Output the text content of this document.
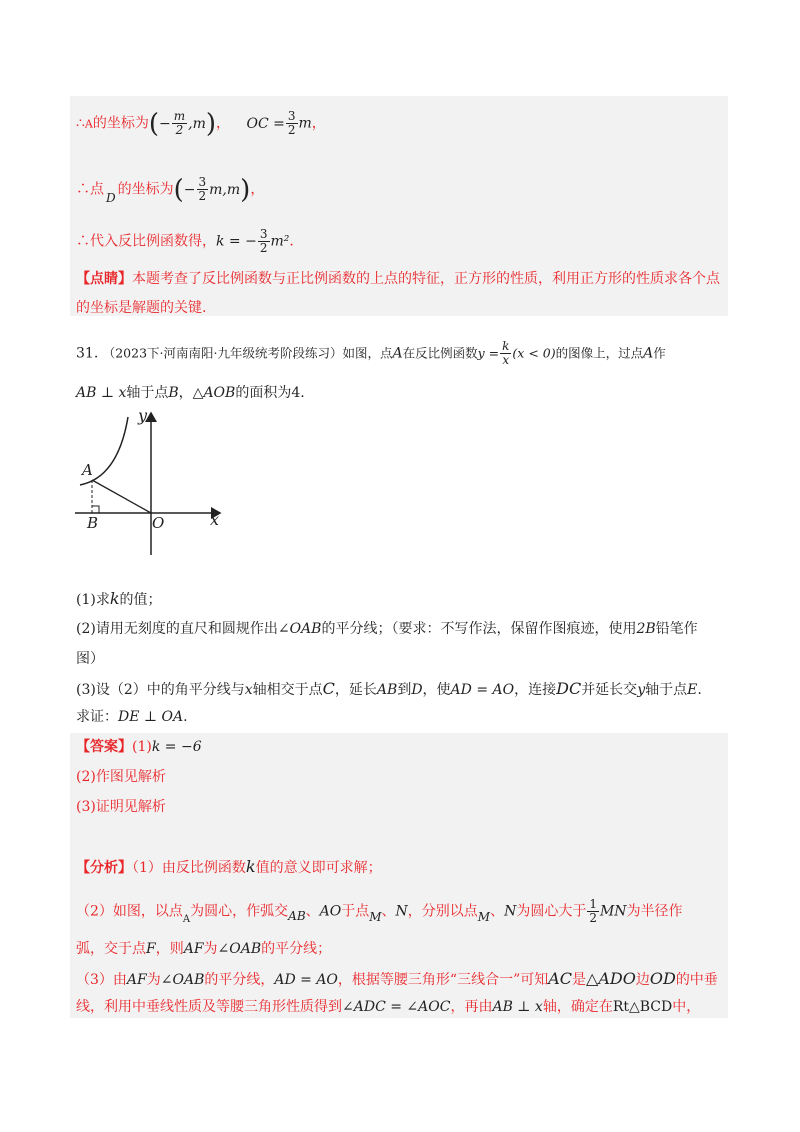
∴A的坐标为(− $\frac{m}{2} ,m$)， OC = $\frac{3}{2}$ m，
∴点 D 的坐标为(− $\frac{3}{2} m,m$)，
∴代入反比例函数得，k = − $\frac{3}{2} m^2$．
【点睛】本题考查了反比例函数与正比例函数的上点的特征，正方形的性质，利用正方形的性质求各个点
的坐标是解题的关键.
31. （2023下·河南南阳·九年级统考阶段练习）如图，点A在反比例函数$y = \frac{k}{x} (x < 0)$的图像上，过点A作
AB ⊥ x轴于点B，△AOB的面积为4.
y
x
A
B	O
(1)求k的值；
(2)请用无刻度的直尺和圆规作出∠OAB的平分线；（要求：不写作法，保留作图痕迹，使用2B铅笔作
图）
(3)设（2）中的角平分线与x轴相交于点C，延长AB到D，使AD = AO，连接DC并延长交y轴于点E.
求证：DE ⊥ OA.
【答案】(1)k = −6
(2)作图见解析
(3)证明见解析
【分析】（1）由反比例函数k值的意义即可求解；
（2）如图，以点$_A$为圆心，作弧交AB、AO于点M、N，分别以点M、N为圆心大于 $\frac{1}{2}$ MN为半径作
弧，交于点F，则AF为∠OAB的平分线；
（3）由AF为∠OAB的平分线，AD = AO，根据等腰三角形“三线合一”可知AC是△ADO边OD的中垂
线，利用中垂线性质及等腰三角形性质得到∠ADC = ∠AOC，再由AB ⊥ x轴，确定在Rt△BCD中，
